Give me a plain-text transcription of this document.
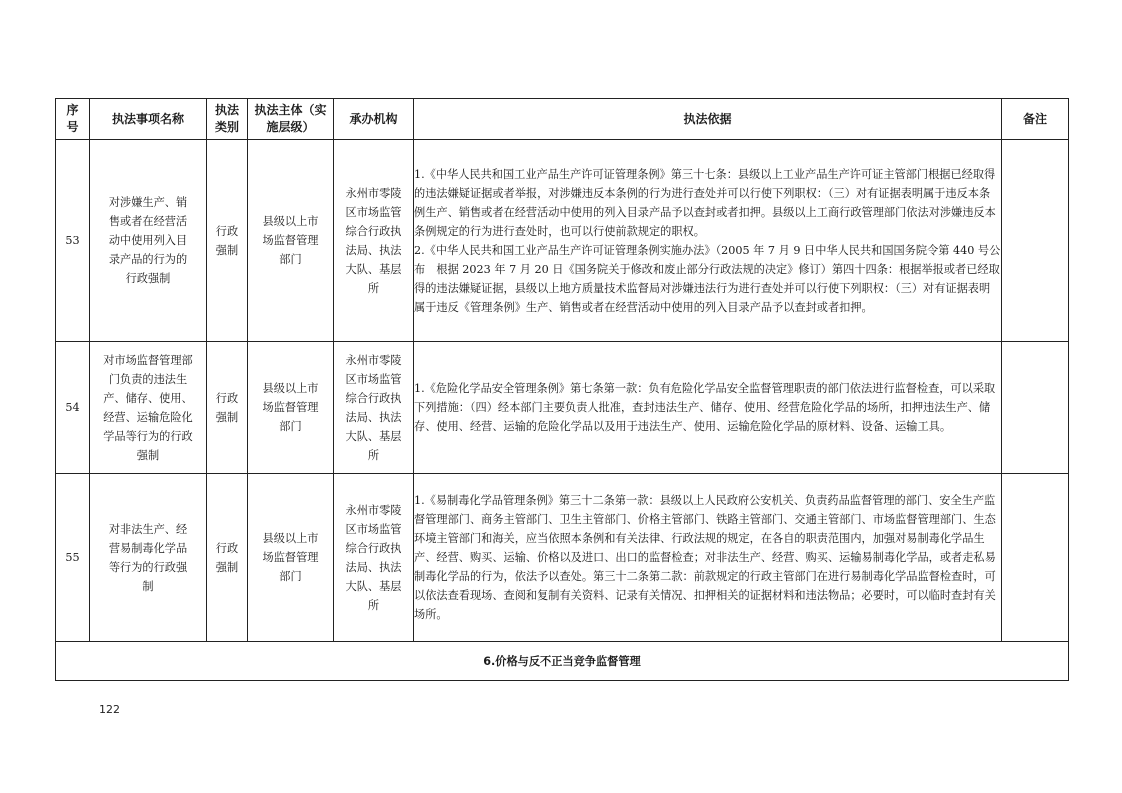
序号	执法事项名称	执法类别	执法主体（实施层级）	承办机构	执法依据	备注
53	对涉嫌生产、销售或者在经营活动中使用列入目录产品的行为的行政强制	行政强制	县级以上市场监督管理部门	永州市零陵区市场监管综合行政执法局、执法大队、基层所	1.《中华人民共和国工业产品生产许可证管理条例》第三十七条：县级以上工业产品生产许可证主管部门根据已经取得的违法嫌疑证据或者举报，对涉嫌违反本条例的行为进行查处并可以行使下列职权：（三）对有证据表明属于违反本条例生产、销售或者在经营活动中使用的列入目录产品予以查封或者扣押。县级以上工商行政管理部门依法对涉嫌违反本条例规定的行为进行查处时，也可以行使前款规定的职权。

2.《中华人民共和国工业产品生产许可证管理条例实施办法》（2005 年 7 月 9 日中华人民共和国国务院令第 440 号公布　根据 2023 年 7 月 20 日《国务院关于修改和废止部分行政法规的决定》修订）第四十四条：根据举报或者已经取得的违法嫌疑证据，县级以上地方质量技术监督局对涉嫌违法行为进行查处并可以行使下列职权：（三）对有证据表明属于违反《管理条例》生产、销售或者在经营活动中使用的列入目录产品予以查封或者扣押。	

54	对市场监督管理部门负责的违法生产、储存、使用、经营、运输危险化学品等行为的行政强制	行政强制	县级以上市场监督管理部门	永州市零陵区市场监管综合行政执法局、执法大队、基层所	1.《危险化学品安全管理条例》第七条第一款：负有危险化学品安全监督管理职责的部门依法进行监督检查，可以采取下列措施：（四）经本部门主要负责人批准，查封违法生产、储存、使用、经营危险化学品的场所，扣押违法生产、储存、使用、经营、运输的危险化学品以及用于违法生产、使用、运输危险化学品的原材料、设备、运输工具。	

55	对非法生产、经营易制毒化学品等行为的行政强制	行政强制	县级以上市场监督管理部门	永州市零陵区市场监管综合行政执法局、执法大队、基层所	1.《易制毒化学品管理条例》第三十二条第一款：县级以上人民政府公安机关、负责药品监督管理的部门、安全生产监督管理部门、商务主管部门、卫生主管部门、价格主管部门、铁路主管部门、交通主管部门、市场监督管理部门、生态环境主管部门和海关，应当依照本条例和有关法律、行政法规的规定，在各自的职责范围内，加强对易制毒化学品生产、经营、购买、运输、价格以及进口、出口的监督检查；对非法生产、经营、购买、运输易制毒化学品，或者走私易制毒化学品的行为，依法予以查处。第三十二条第二款：前款规定的行政主管部门在进行易制毒化学品监督检查时，可以依法查看现场、查阅和复制有关资料、记录有关情况、扣押相关的证据材料和违法物品；必要时，可以临时查封有关场所。	

6.价格与反不正当竞争监督管理						
122
